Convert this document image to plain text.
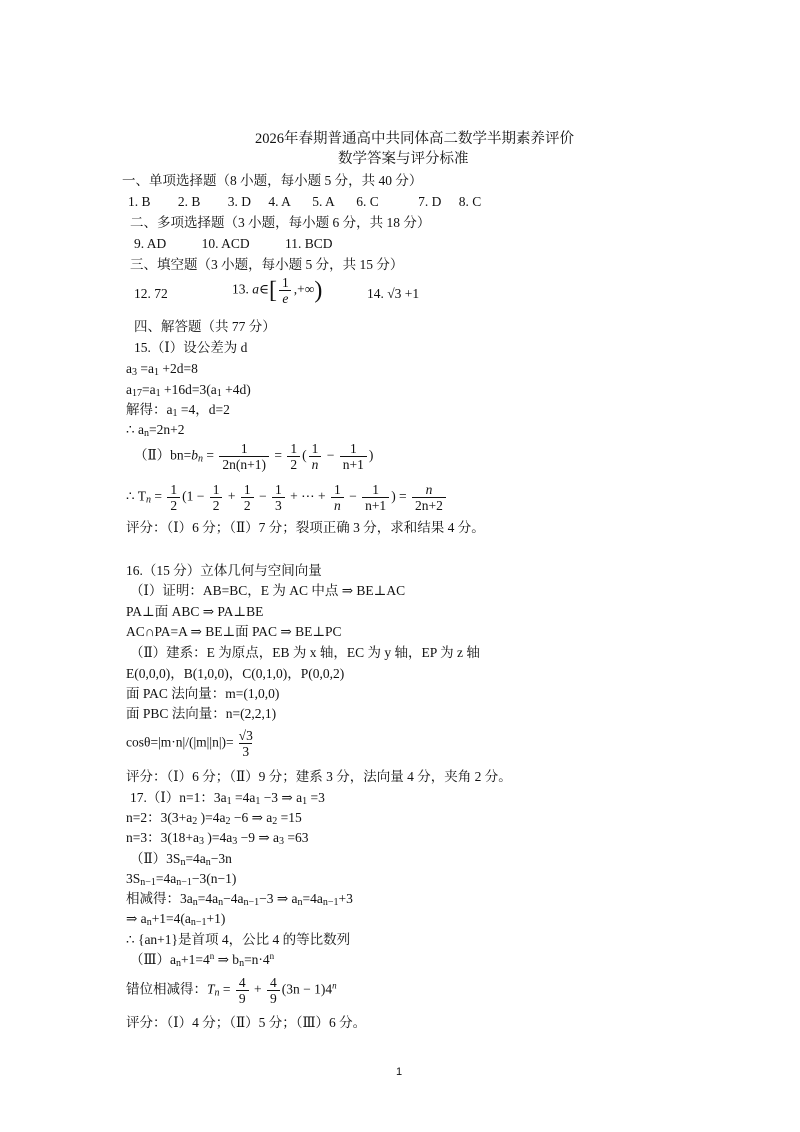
2026年春期普通高中共同体高二数学半期素养评价
数学答案与评分标准
一、单项选择题（8 小题，每小题 5 分，共 40 分）
1. B 2. B 3. D 4. A 5. A 6. C	7. D 8. C
二、多项选择题（3 小题，每小题 6 分，共 18 分）
9. AD	10. ACD	11. BCD
三、填空题（3 小题，每小题 5 分，共 15 分）
12. 72	13. a∈[ $\frac{1}{e}$ ,+∞)	14. √3 +1
四、解答题（共 77 分）
15.（Ⅰ）设公差为 d
$a_3 =a_1 +2d=8$
$a_{17}=a_1 +16d=3(a_1 +4d)$
解得：$a_1 =4$，d=2
∴ $a_n=2n+2$
$(Ⅱ)bn=b_n = \frac{1}{2n(n+1)} = \frac{1}{2}$ ( $\frac{1}{n} - \frac{1}{n+1}$ )
∴ $T_n = \frac{1}{2} (1 - \frac{1}{2} + \frac{1}{2} - \frac{1}{3}$ + ⋯ + $\frac{1}{n} - \frac{1}{n+1}$ ) = $\frac{n}{2n+2}$
评分：（Ⅰ）6 分；（Ⅱ）7 分；裂项正确 3 分，求和结果 4 分。
16.（15 分）立体几何与空间向量
（Ⅰ）证明：AB=BC，E 为 AC 中点 ⇒ BE⊥AC
PA⊥面 ABC ⇒ PA⊥BE
AC∩PA=A ⇒ BE⊥面 PAC ⇒ BE⊥PC
（Ⅱ）建系：E 为原点，EB 为 x 轴，EC 为 y 轴，EP 为 z 轴
E(0,0,0)，B(1,0,0)，C(0,1,0)，P(0,0,2)
面 PAC 法向量：m=(1,0,0)
面 PBC 法向量：n=(2,2,1)
$\cos\theta=|m\cdot n|/(|m||n|)= \frac{√3}{3}$
评分：（Ⅰ）6 分；（Ⅱ）9 分；建系 3 分，法向量 4 分，夹角 2 分。
17.（Ⅰ）n=1：$3a_1 =4a_1 -3$ ⇒ $a_1 =3$
n=2：$3(3+a_2$ )$=4a_2 -6$ ⇒ $a_2 =15$
n=3：$3(18+a_3$ )$=4a_3 -9$ ⇒ $a_3 =63$
$(Ⅱ)3S_n=4a_n-3n$
$3S_{n-1}=4a_{n-1}-3(n-1)$
相减得：$3a_n=4a_n-4a_{n-1}-3$ ⇒ $a_n=4a_{n-1}+3$
⇒ $a_n+1=4(a_{n-1}+1)$
∴ {an+1}是首项 4，公比 4 的等比数列
$(Ⅲ)a_n+1=4^n$ ⇒ $b_n=n\cdot 4^n$
错位相减得：$T_n = \frac{4}{9} + \frac{4}{9} (3n - 1)4^n$
评分：（Ⅰ）4 分；（Ⅱ）5 分；（Ⅲ）6 分。
1
